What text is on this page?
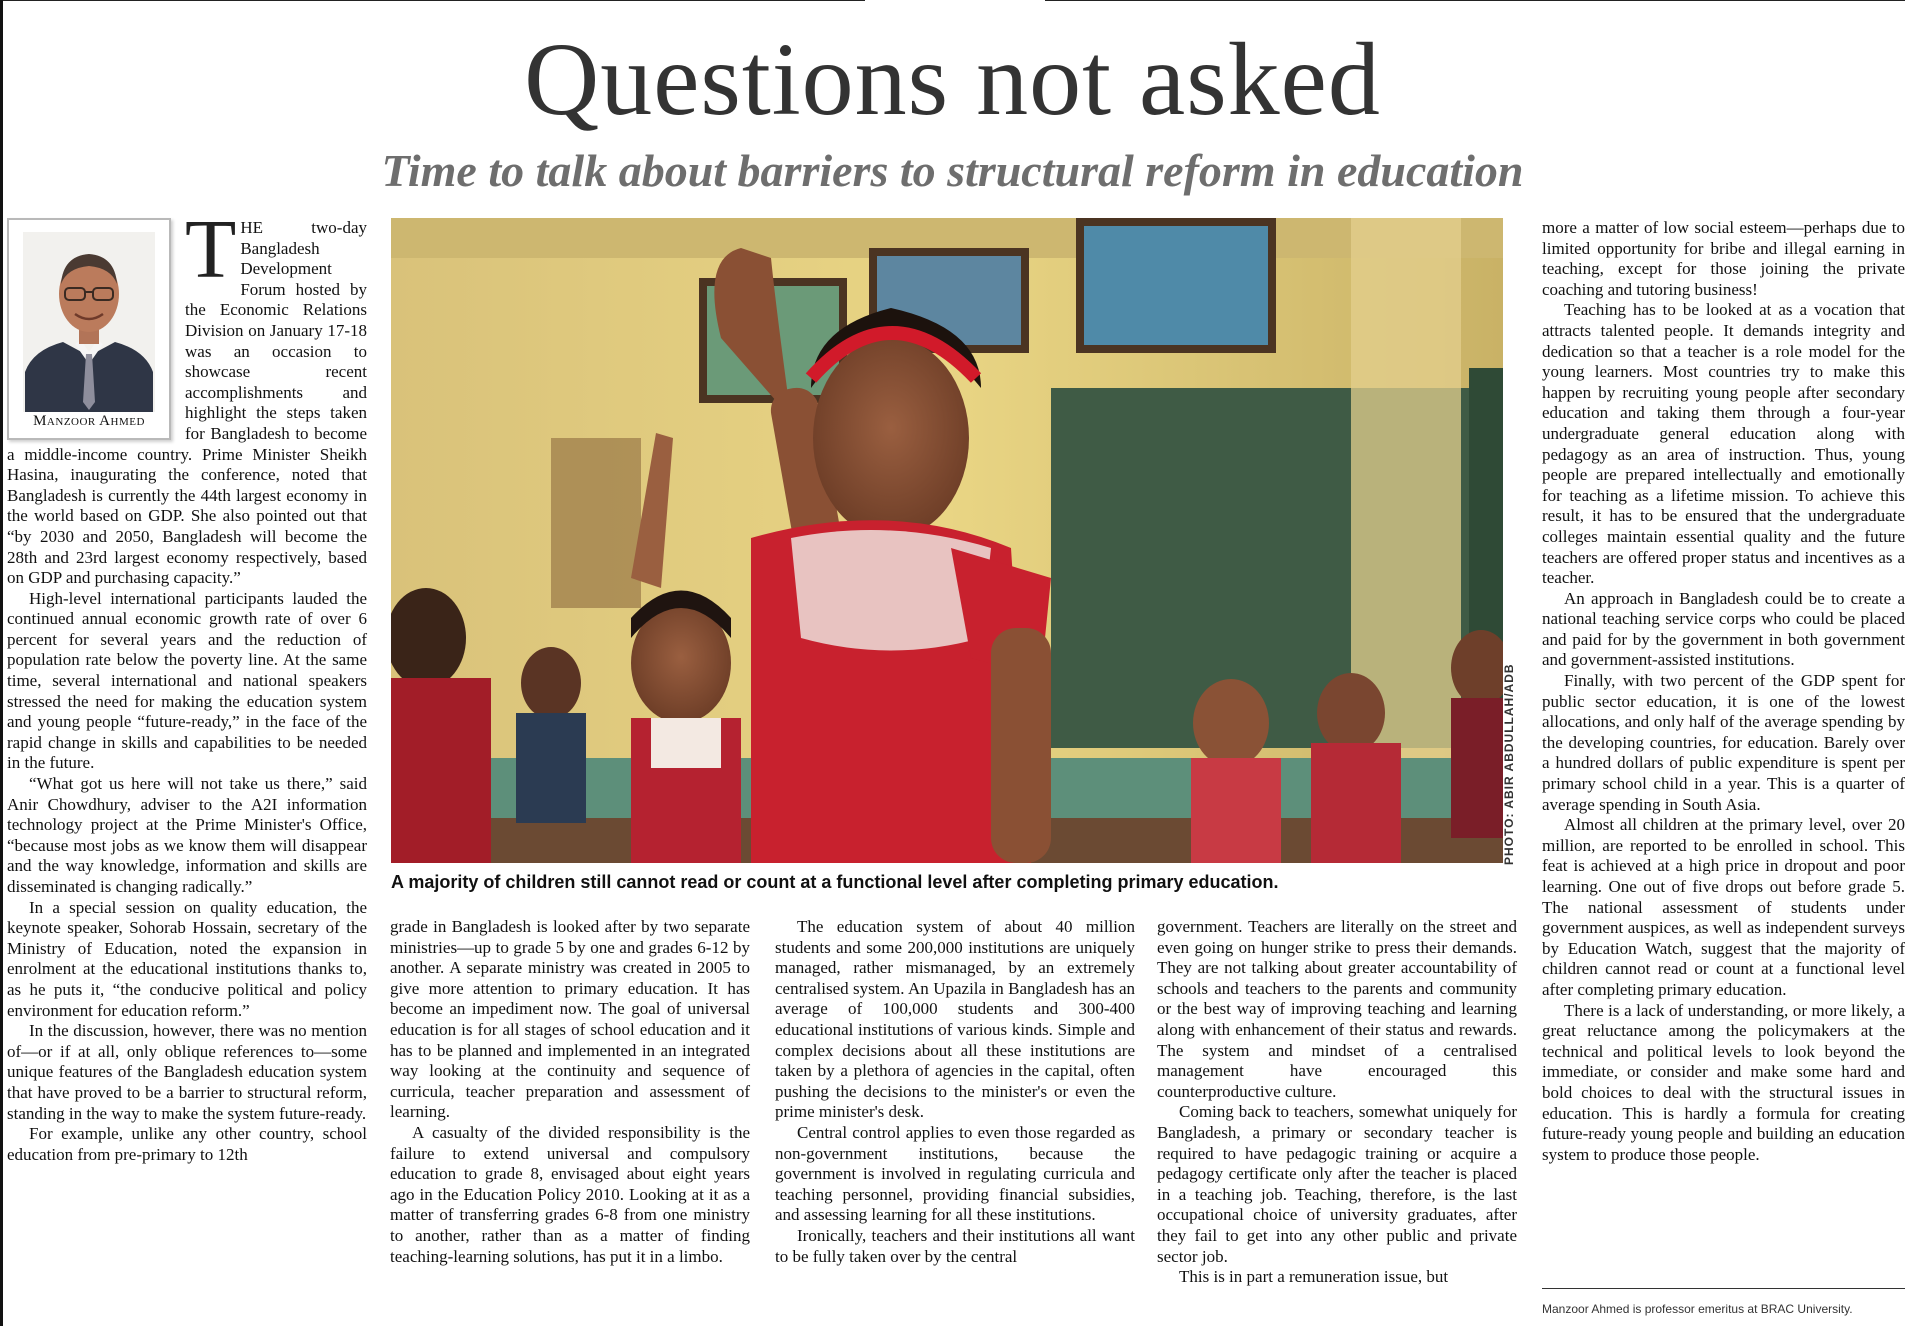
Questions not asked
Time to talk about barriers to structural reform in education
Manzoor Ahmed
T HE two-day Bangladesh Development Forum hosted by the Economic Relations Division on January 17-18 was an occasion to showcase recent accomplishments and highlight the steps taken for Bangladesh to become a middle-income country. Prime Minister Sheikh Hasina, inaugurating the conference, noted that Bangladesh is currently the 44th largest economy in the world based on GDP. She also pointed out that “by 2030 and 2050, Bangladesh will become the 28th and 23rd largest economy respectively, based on GDP and purchasing capacity.”

High-level international participants lauded the continued annual economic growth rate of over 6 percent for several years and the reduction of population rate below the poverty line. At the same time, several international and national speakers stressed the need for making the education system and young people “future-ready,” in the face of the rapid change in skills and capabilities to be needed in the future.

“What got us here will not take us there,” said Anir Chowdhury, adviser to the A2I information technology project at the Prime Minister's Office, “because most jobs as we know them will disappear and the way knowledge, information and skills are disseminated is changing radically.”

In a special session on quality education, the keynote speaker, Sohorab Hossain, secretary of the Ministry of Education, noted the expansion in enrolment at the educational institutions thanks to, as he puts it, “the conducive political and policy environment for education reform.”

In the discussion, however, there was no mention of—or if at all, only oblique references to—some unique features of the Bangladesh education system that have proved to be a barrier to structural reform, standing in the way to make the system future-ready.

For example, unlike any other country, school education from pre-primary to 12th

PHOTO: ABIR ABDULLAH/ADB
A majority of children still cannot read or count at a functional level after completing primary education.

grade in Bangladesh is looked after by two separate ministries—up to grade 5 by one and grades 6-12 by another. A separate ministry was created in 2005 to give more attention to primary education. It has become an impediment now. The goal of universal education is for all stages of school education and it has to be planned and implemented in an integrated way looking at the continuity and sequence of curricula, teacher preparation and assessment of learning.

A casualty of the divided responsibility is the failure to extend universal and compulsory education to grade 8, envisaged about eight years ago in the Education Policy 2010. Looking at it as a matter of transferring grades 6-8 from one ministry to another, rather than as a matter of finding teaching-learning solutions, has put it in a limbo.

The education system of about 40 million students and some 200,000 institutions are uniquely managed, rather mismanaged, by an extremely centralised system. An Upazila in Bangladesh has an average of 100,000 students and 300-400 educational institutions of various kinds. Simple and complex decisions about all these institutions are taken by a plethora of agencies in the capital, often pushing the decisions to the minister's or even the prime minister's desk.

Central control applies to even those regarded as non-government institutions, because the government is involved in regulating curricula and teaching personnel, providing financial subsidies, and assessing learning for all these institutions.

Ironically, teachers and their institutions all want to be fully taken over by the central

government. Teachers are literally on the street and even going on hunger strike to press their demands. They are not talking about greater accountability of schools and teachers to the parents and community or the best way of improving teaching and learning along with enhancement of their status and rewards. The system and mindset of a centralised management have encouraged this counterproductive culture.

Coming back to teachers, somewhat uniquely for Bangladesh, a primary or secondary teacher is required to have pedagogic training or acquire a pedagogy certificate only after the teacher is placed in a teaching job. Teaching, therefore, is the last occupational choice of university graduates, after they fail to get into any other public and private sector job.

This is in part a remuneration issue, but

more a matter of low social esteem—perhaps due to limited opportunity for bribe and illegal earning in teaching, except for those joining the private coaching and tutoring business!

Teaching has to be looked at as a vocation that attracts talented people. It demands integrity and dedication so that a teacher is a role model for the young learners. Most countries try to make this happen by recruiting young people after secondary education and taking them through a four-year undergraduate general education along with pedagogy as an area of instruction. Thus, young people are prepared intellectually and emotionally for teaching as a lifetime mission. To achieve this result, it has to be ensured that the undergraduate colleges maintain essential quality and the future teachers are offered proper status and incentives as a teacher.

An approach in Bangladesh could be to create a national teaching service corps who could be placed and paid for by the government in both government and government-assisted institutions.

Finally, with two percent of the GDP spent for public sector education, it is one of the lowest allocations, and only half of the average spending by the developing countries, for education. Barely over a hundred dollars of public expenditure is spent per primary school child in a year. This is a quarter of average spending in South Asia.

Almost all children at the primary level, over 20 million, are reported to be enrolled in school. This feat is achieved at a high price in dropout and poor learning. One out of five drops out before grade 5. The national assessment of students under government auspices, as well as independent surveys by Education Watch, suggest that the majority of children cannot read or count at a functional level after completing primary education.

There is a lack of understanding, or more likely, a great reluctance among the policymakers at the technical and political levels to look beyond the immediate, or consider and make some hard and bold choices to deal with the structural issues in education. This is hardly a formula for creating future-ready young people and building an education system to produce those people.

Manzoor Ahmed is professor emeritus at BRAC University.
